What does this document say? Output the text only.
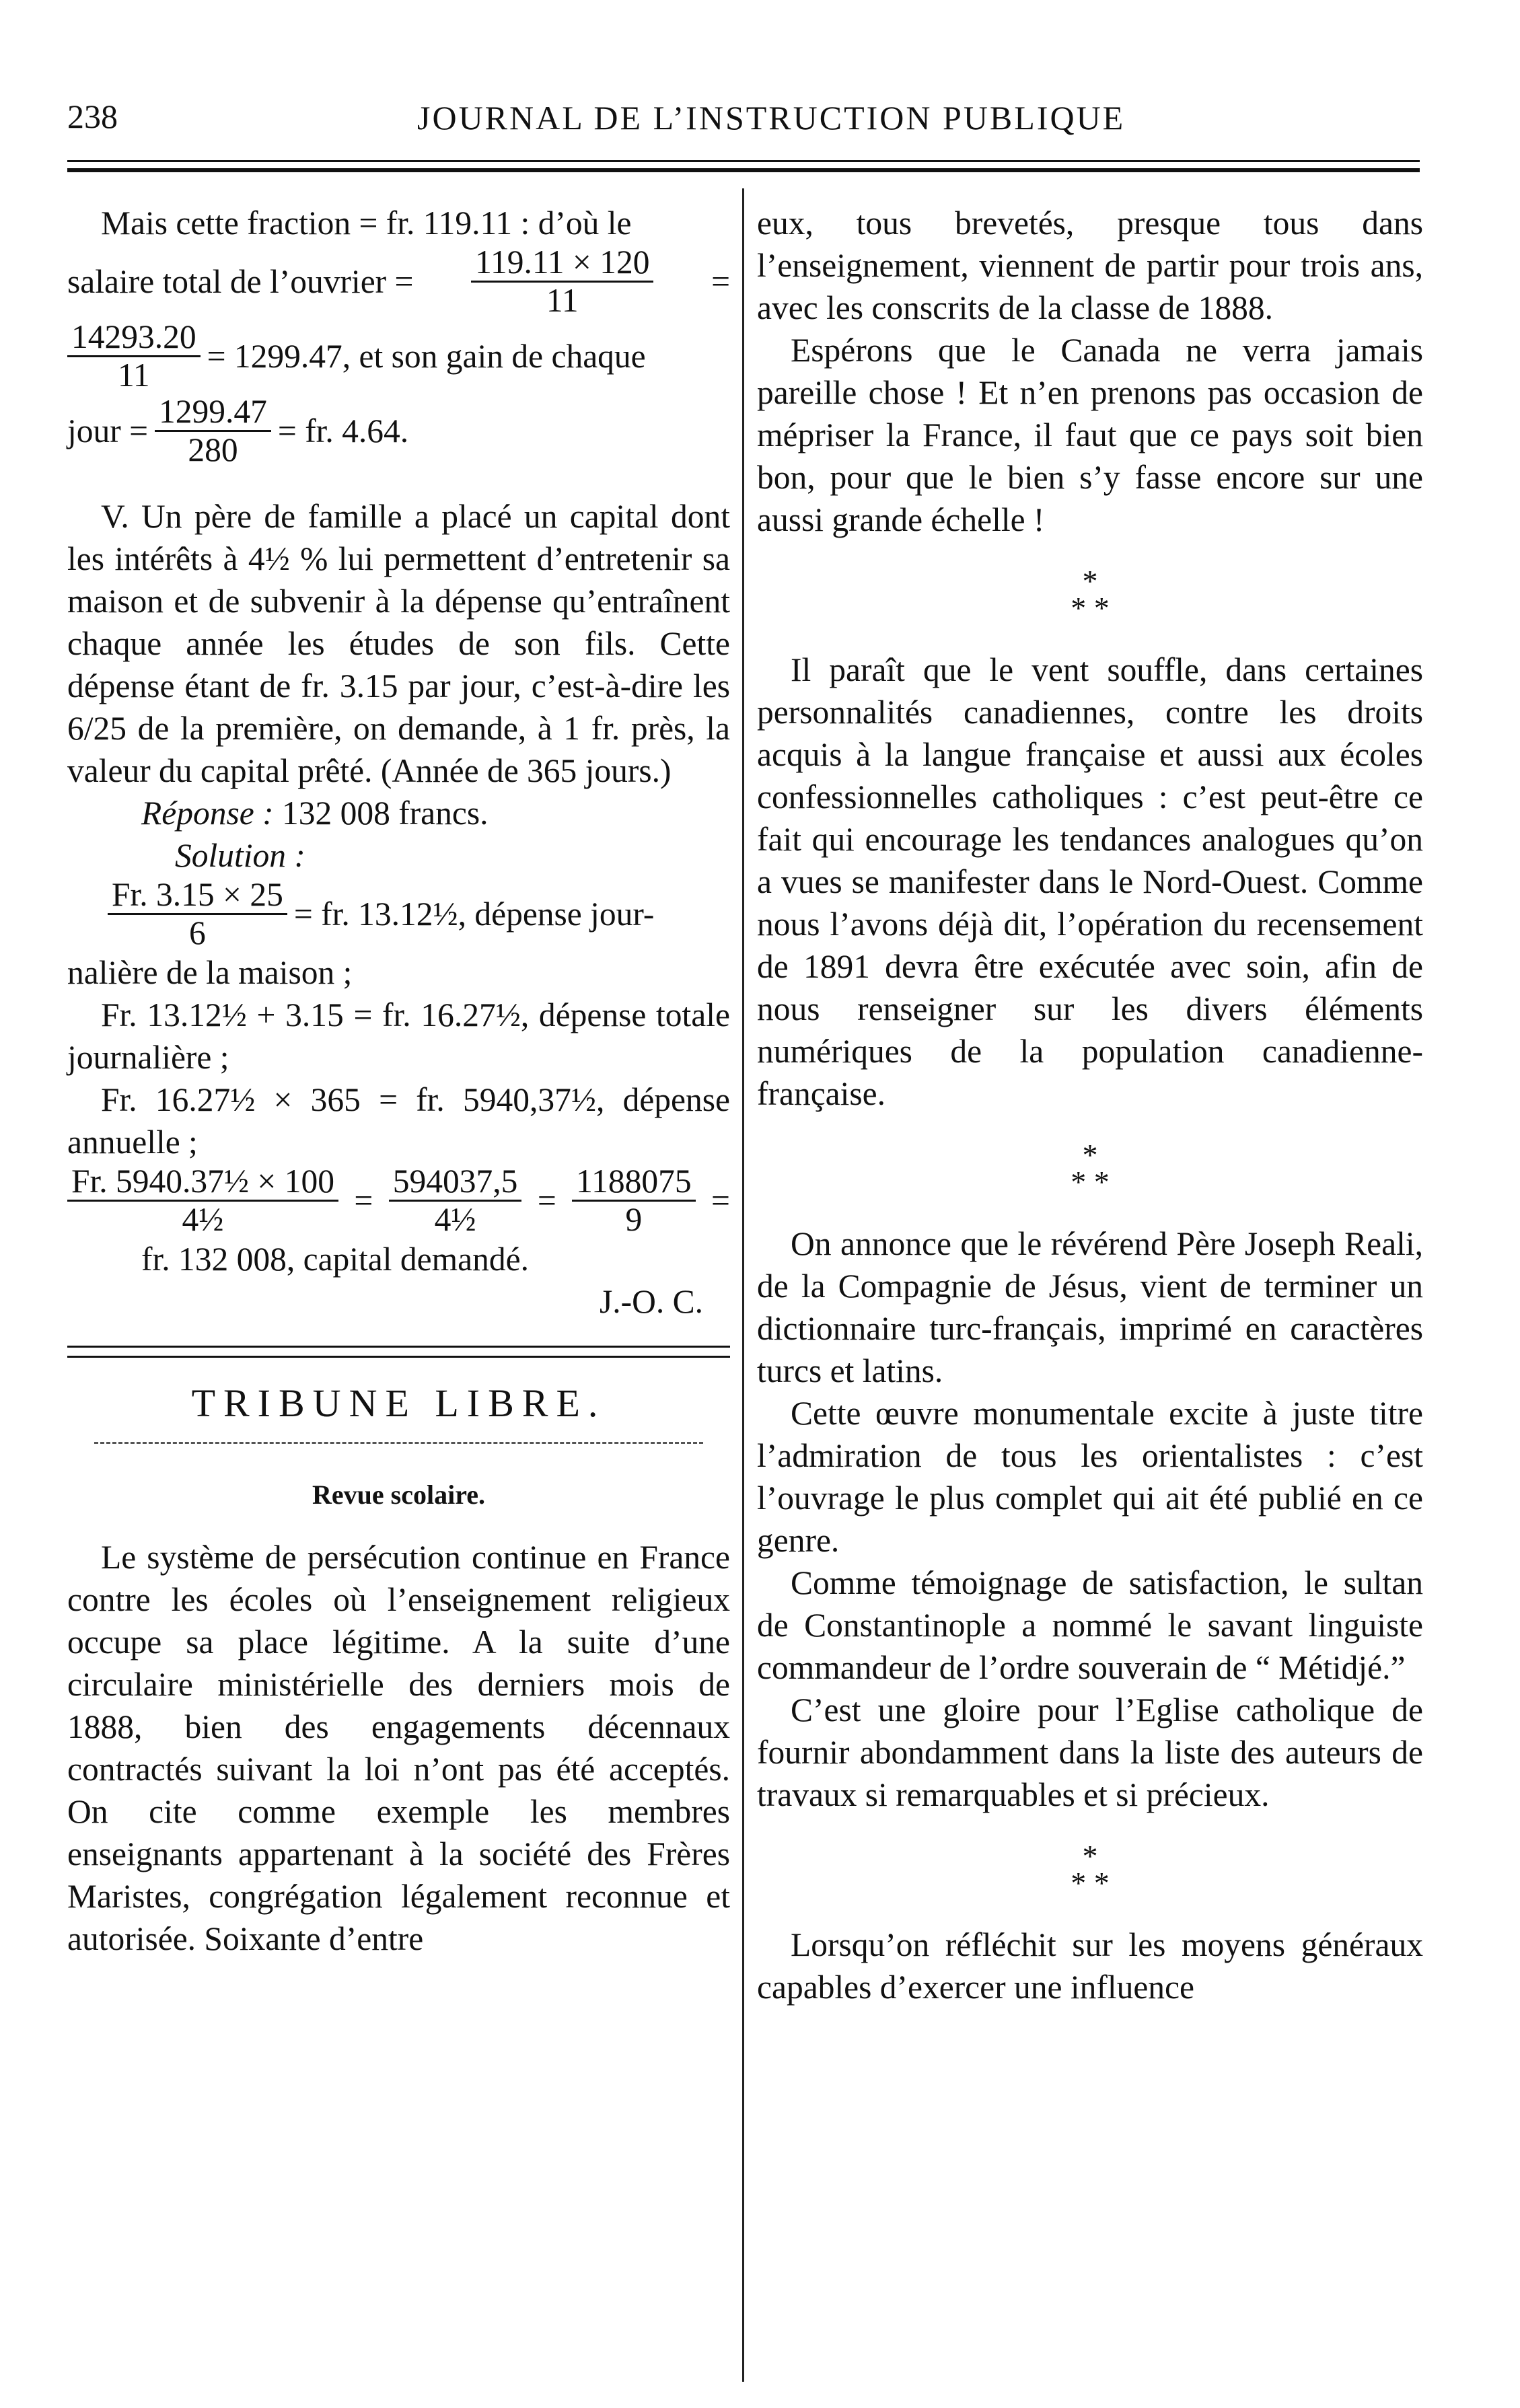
238	JOURNAL DE L’INSTRUCTION PUBLIQUE

Mais cette fraction = fr. 119.11 : d’où le

salaire total de l’ouvrier = $\frac{119.11 \times 120}{11}$ =
$\frac{14293.20}{11} = 1299.47$, et son gain de chaque
jour = $\frac{1299.47}{280}$ = fr. 4.64.

V. Un père de famille a placé un capital dont les intérêts à 4½ % lui permettent d’entretenir sa maison et de subvenir à la dépense qu’entraînent chaque année les études de son fils. Cette dépense étant de fr. 3.15 par jour, c’est-à-dire les 6/25 de la première, on demande, à 1 fr. près, la valeur du capital prêté. (Année de 365 jours.)

Réponse : 132 008 francs.
Solution :
$\frac{Fr. 3.15 \times 25}{6}$ = fr. 13.12½, dépense jour-

nalière de la maison ;

Fr. 13.12½ + 3.15 = fr. 16.27½, dépense totale journalière ;

Fr. 16.27½ × 365 = fr. 5940,37½, dépense annuelle ;

$\frac{\text{Fr. 5940.37½ × 100}}{\text{4½}} = \frac{594037,5}{\text{4½}} = \frac{1188075}{9}$ =

fr. 132 008, capital demandé.

J.-O. C.
TRIBUNE LIBRE.
Revue scolaire.

Le système de persécution continue en France contre les écoles où l’enseignement religieux occupe sa place légitime. A la suite d’une circulaire ministérielle des derniers mois de 1888, bien des engagements décennaux contractés suivant la loi n’ont pas été acceptés. On cite comme exemple les membres enseignants appartenant à la société des Frères Maristes, congrégation légalement reconnue et autorisée. Soixante d’entre

eux, tous brevetés, presque tous dans l’enseignement, viennent de partir pour trois ans, avec les conscrits de la classe de 1888.

Espérons que le Canada ne verra jamais pareille chose ! Et n’en prenons pas occasion de mépriser la France, il faut que ce pays soit bien bon, pour que le bien s’y fasse encore sur une aussi grande échelle !

*
* *

Il paraît que le vent souffle, dans certaines personnalités canadiennes, contre les droits acquis à la langue française et aussi aux écoles confessionnelles catholiques : c’est peut-être ce fait qui encourage les tendances analogues qu’on a vues se manifester dans le Nord-Ouest. Comme nous l’avons déjà dit, l’opération du recensement de 1891 devra être exécutée avec soin, afin de nous renseigner sur les divers éléments numériques de la population canadienne-française.

*
* *

On annonce que le révérend Père Joseph Reali, de la Compagnie de Jésus, vient de terminer un dictionnaire turc-français, imprimé en caractères turcs et latins.

Cette œuvre monumentale excite à juste titre l’admiration de tous les orientalistes : c’est l’ouvrage le plus complet qui ait été publié en ce genre.

Comme témoignage de satisfaction, le sultan de Constantinople a nommé le savant linguiste commandeur de l’ordre souverain de “ Métidjé.”

C’est une gloire pour l’Eglise catholique de fournir abondamment dans la liste des auteurs de travaux si remarquables et si précieux.

*
* *

Lorsqu’on réfléchit sur les moyens généraux capables d’exercer une influence
